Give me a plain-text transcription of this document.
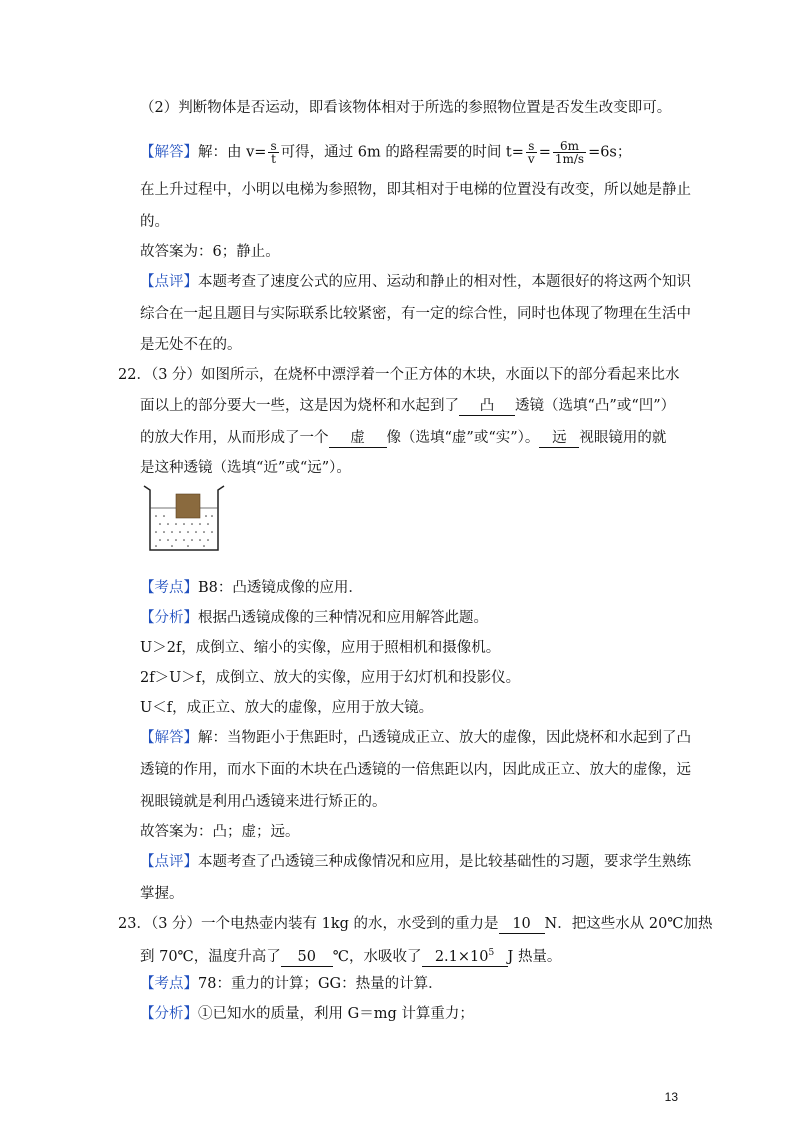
（2）判断物体是否运动，即看该物体相对于所选的参照物位置是否发生改变即可。
【解答】解：由 $v= \frac{s}{t}$ 可得，通过 6m 的路程需要的时间 $t= \frac{s}{v} = \frac{6m}{1m/s} =6s$；
在上升过程中，小明以电梯为参照物，即其相对于电梯的位置没有改变，所以她是静止
的。
故答案为：6；静止。
【点评】本题考查了速度公式的应用、运动和静止的相对性，本题很好的将这两个知识
综合在一起且题目与实际联系比较紧密，有一定的综合性，同时也体现了物理在生活中
是无处不在的。
22．（3 分）如图所示，在烧杯中漂浮着一个正方体的木块，水面以下的部分看起来比水
面以上的部分要大一些，这是因为烧杯和水起到了 凸 透镜（选填“凸”或“凹”）
的放大作用，从而形成了一个 虚 像（选填“虚”或“实”）。 远 视眼镜用的就
是这种透镜（选填“近”或“远”）。
【考点】B8：凸透镜成像的应用．
【分析】根据凸透镜成像的三种情况和应用解答此题。
U＞2f，成倒立、缩小的实像，应用于照相机和摄像机。
2f＞U＞f，成倒立、放大的实像，应用于幻灯机和投影仪。
U＜f，成正立、放大的虚像，应用于放大镜。
【解答】解：当物距小于焦距时，凸透镜成正立、放大的虚像，因此烧杯和水起到了凸
透镜的作用，而水下面的木块在凸透镜的一倍焦距以内，因此成正立、放大的虚像，远
视眼镜就是利用凸透镜来进行矫正的。
故答案为：凸；虚；远。
【点评】本题考查了凸透镜三种成像情况和应用，是比较基础性的习题，要求学生熟练
掌握。
23．（3 分）一个电热壶内装有 1kg 的水，水受到的重力是 10 N．把这些水从 20℃加热
到 70℃，温度升高了 50 ℃，水吸收了 $2.1\times 10^5$ J 热量。
【考点】78：重力的计算；GG：热量的计算．
【分析】①已知水的质量，利用 G＝mg 计算重力；
13
